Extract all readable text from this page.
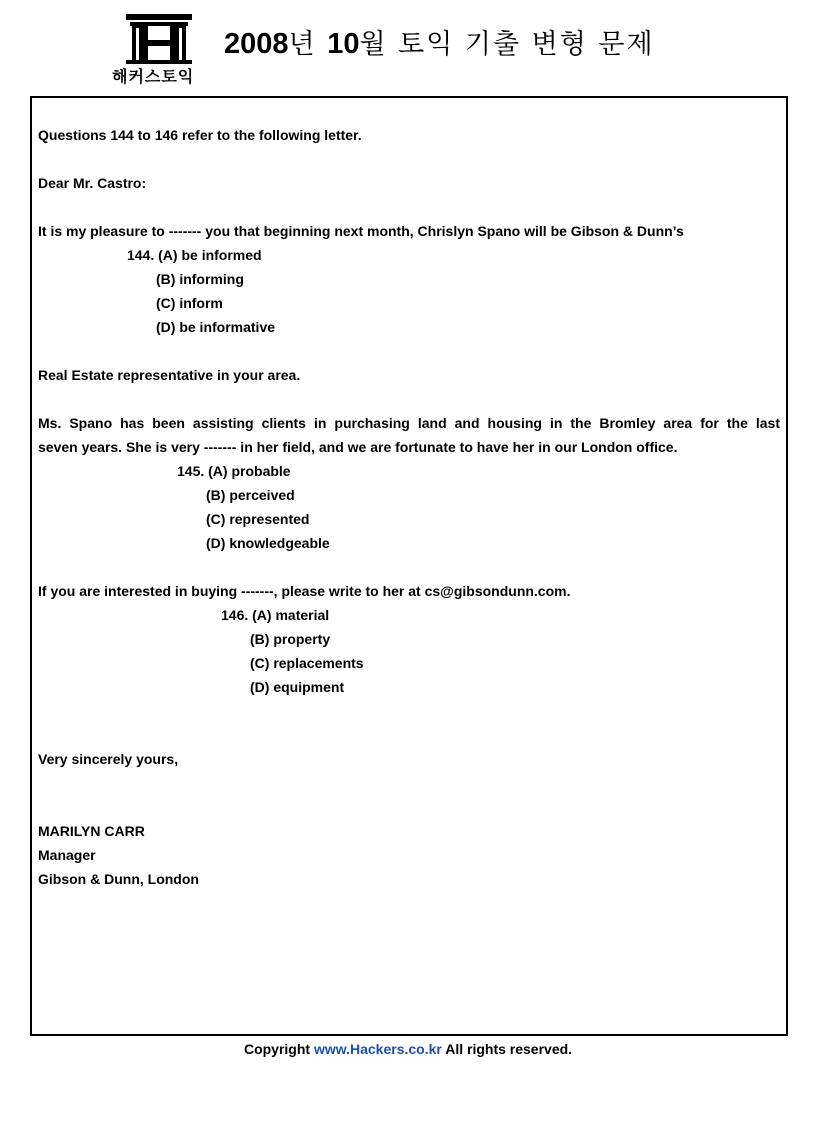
해커스토익
2008년 10월 토익 기출 변형 문제
Questions 144 to 146 refer to the following letter.
Dear Mr. Castro:
It is my pleasure to ------- you that beginning next month, Chrislyn Spano will be Gibson & Dunn’s
144. (A) be informed
(B) informing
(C) inform
(D) be informative
Real Estate representative in your area.
Ms. Spano has been assisting clients in purchasing land and housing in the Bromley area for the last
seven years. She is very ------- in her field, and we are fortunate to have her in our London office.
145. (A) probable
(B) perceived
(C) represented
(D) knowledgeable
If you are interested in buying -------, please write to her at cs@gibsondunn.com.
146. (A) material
(B) property
(C) replacements
(D) equipment
Very sincerely yours,
MARILYN CARR
Manager
Gibson & Dunn, London
Copyright www.Hackers.co.kr All rights reserved.
